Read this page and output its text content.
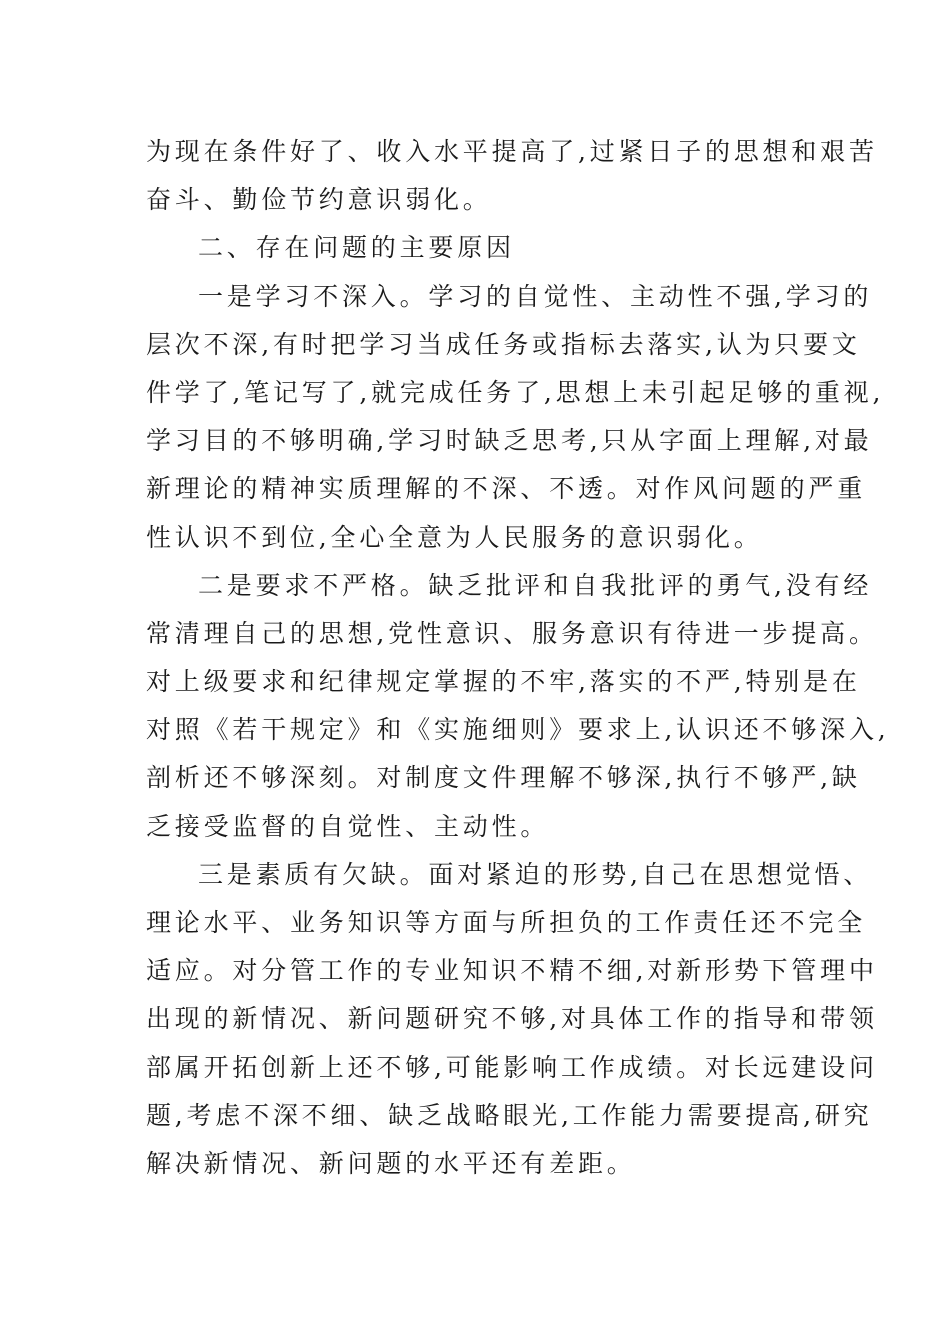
为现在条件好了、收入水平提高了,过紧日子的思想和艰苦
奋斗、勤俭节约意识弱化。
二、存在问题的主要原因
一是学习不深入。学习的自觉性、主动性不强,学习的
层次不深,有时把学习当成任务或指标去落实,认为只要文
件学了,笔记写了,就完成任务了,思想上未引起足够的重视,
学习目的不够明确,学习时缺乏思考,只从字面上理解,对最
新理论的精神实质理解的不深、不透。对作风问题的严重
性认识不到位,全心全意为人民服务的意识弱化。
二是要求不严格。缺乏批评和自我批评的勇气,没有经
常清理自己的思想,党性意识、服务意识有待进一步提高。
对上级要求和纪律规定掌握的不牢,落实的不严,特别是在
对照《若干规定》和《实施细则》要求上,认识还不够深入,
剖析还不够深刻。对制度文件理解不够深,执行不够严,缺
乏接受监督的自觉性、主动性。
三是素质有欠缺。面对紧迫的形势,自己在思想觉悟、
理论水平、业务知识等方面与所担负的工作责任还不完全
适应。对分管工作的专业知识不精不细,对新形势下管理中
出现的新情况、新问题研究不够,对具体工作的指导和带领
部属开拓创新上还不够,可能影响工作成绩。对长远建设问
题,考虑不深不细、缺乏战略眼光,工作能力需要提高,研究
解决新情况、新问题的水平还有差距。
